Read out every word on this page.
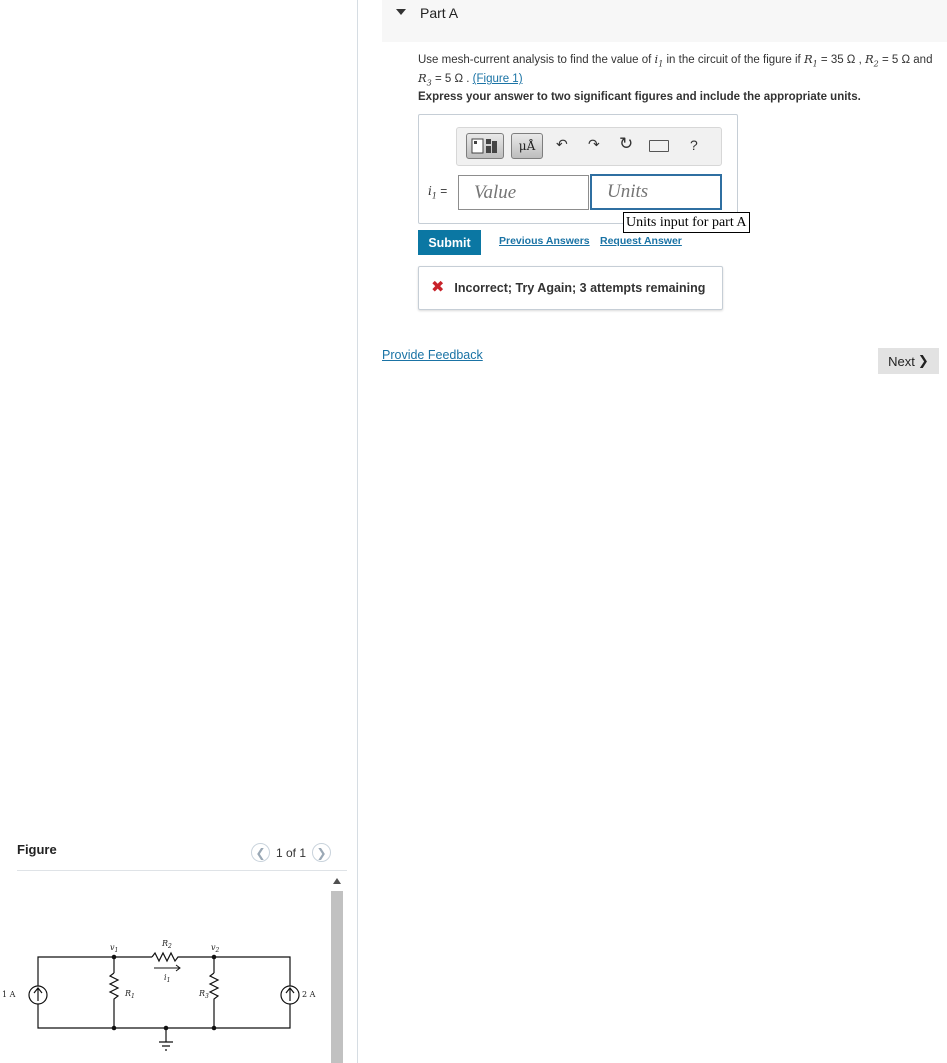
Figure	❮ 1 of 1 ❯
$v_1$	$v_2$
$R_2$
$i_1$
$R_1$	$R_3$
1 A	2 A
Part A
Use mesh-current analysis to find the value of $i_1$ in the circuit of the figure if $R_1 = 35$ Ω , $R_2 = 5$ Ω and $R_3 = 5$ Ω . (Figure 1)
Express your answer to two significant figures and include the appropriate units.
μÅ	↶ ↷ ↻	?
$i_1$ =
Value
Units
Units input for part A
Submit	Previous Answers Request Answer
✖ Incorrect; Try Again; 3 attempts remaining
Provide Feedback	Next ❯
